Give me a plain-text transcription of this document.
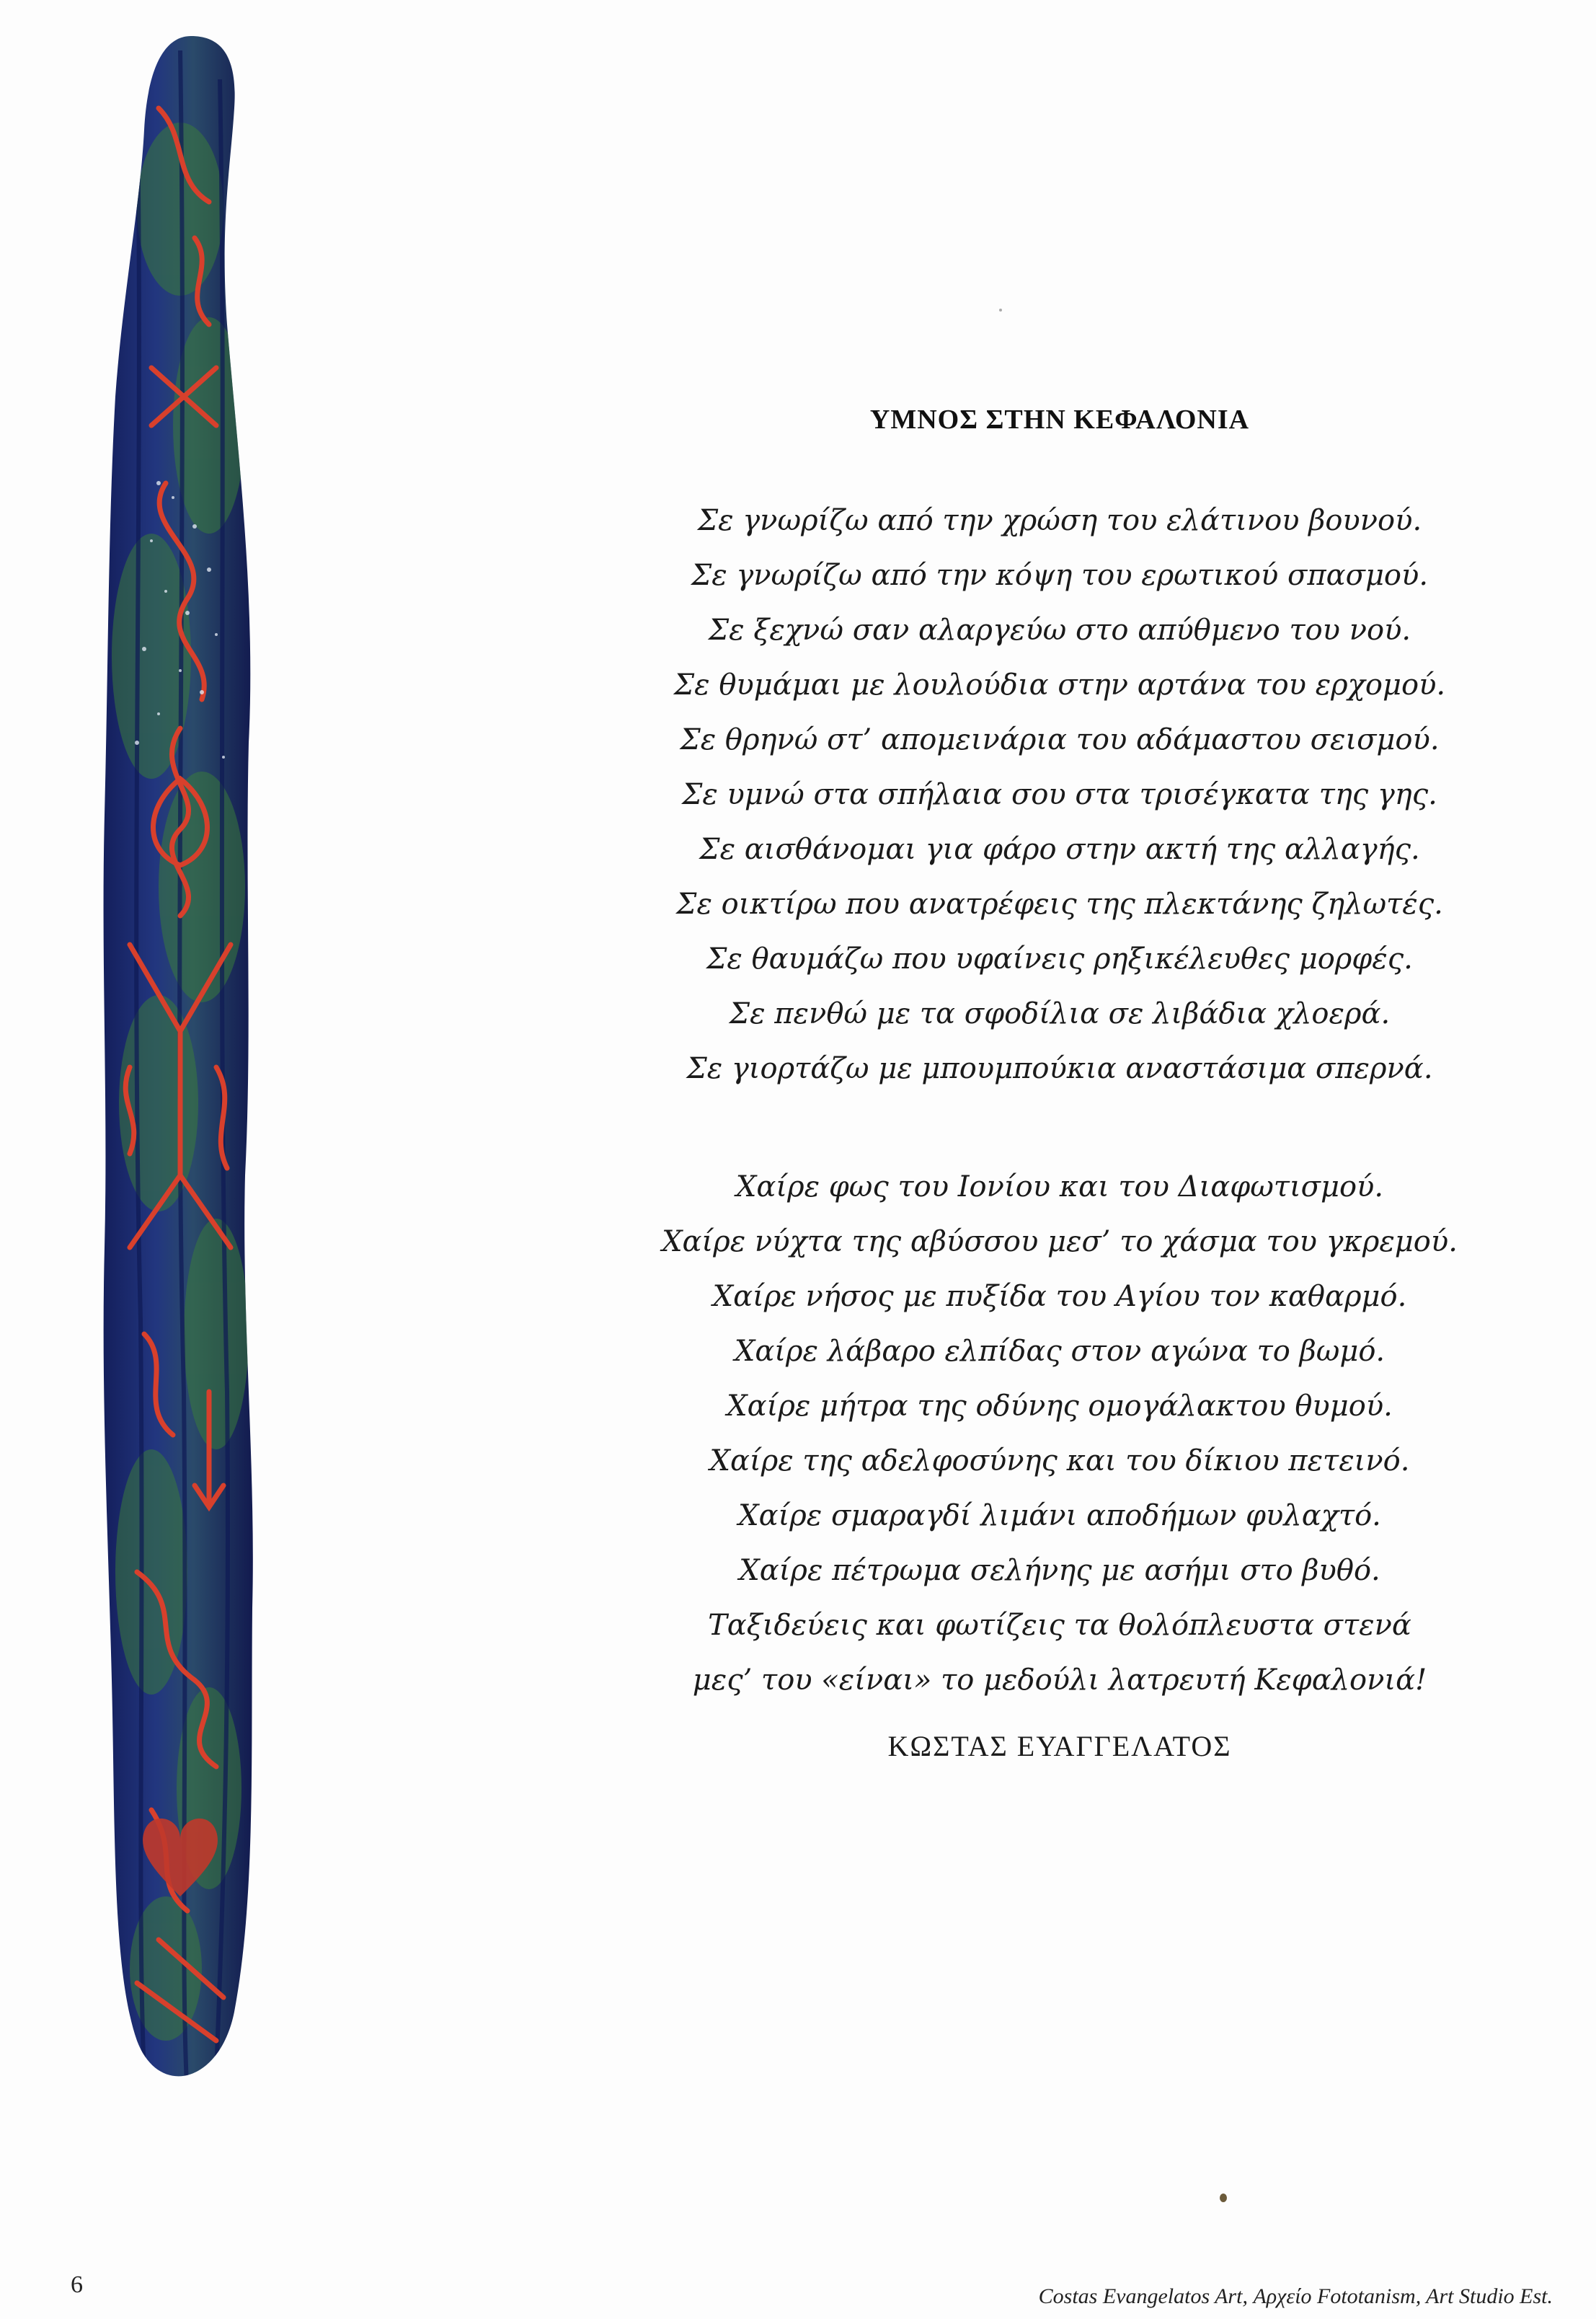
ΥΜΝΟΣ ΣΤΗΝ ΚΕΦΑΛΟΝΙΑ
Σε γνωρίζω από την χρώση του ελάτινου βουνού.
Σε γνωρίζω από την κόψη του ερωτικού σπασμού.
Σε ξεχνώ σαν αλαργεύω στο απύθμενο του νού.
Σε θυμάμαι με λουλούδια στην αρτάνα του ερχομού.
Σε θρηνώ στ’ απομεινάρια του αδάμαστου σεισμού.
Σε υμνώ στα σπήλαια σου στα τρισέγκατα της γης.
Σε αισθάνομαι για φάρο στην ακτή της αλλαγής.
Σε οικτίρω που ανατρέφεις της πλεκτάνης ζηλωτές.
Σε θαυμάζω που υφαίνεις ρηξικέλευθες μορφές.
Σε πενθώ με τα σφοδίλια σε λιβάδια χλοερά.
Σε γιορτάζω με μπουμπούκια αναστάσιμα σπερνά.
Χαίρε φως του Ιονίου και του Διαφωτισμού.
Χαίρε νύχτα της αβύσσου μεσ’ το χάσμα του γκρεμού.
Χαίρε νήσος με πυξίδα του Αγίου τον καθαρμό.
Χαίρε λάβαρο ελπίδας στον αγώνα το βωμό.
Χαίρε μήτρα της οδύνης ομογάλακτου θυμού.
Χαίρε της αδελφοσύνης και του δίκιου πετεινό.
Χαίρε σμαραγδί λιμάνι αποδήμων φυλαχτό.
Χαίρε πέτρωμα σελήνης με ασήμι στο βυθό.
Ταξιδεύεις και φωτίζεις τα θολόπλευστα στενά
μες’ του «είναι» το μεδούλι λατρευτή Κεφαλονιά!
ΚΩΣΤΑΣ ΕΥΑΓΓΕΛΑΤΟΣ
6	Costas Evangelatos Art, Αρχείο Fototanism, Art Studio Est.
